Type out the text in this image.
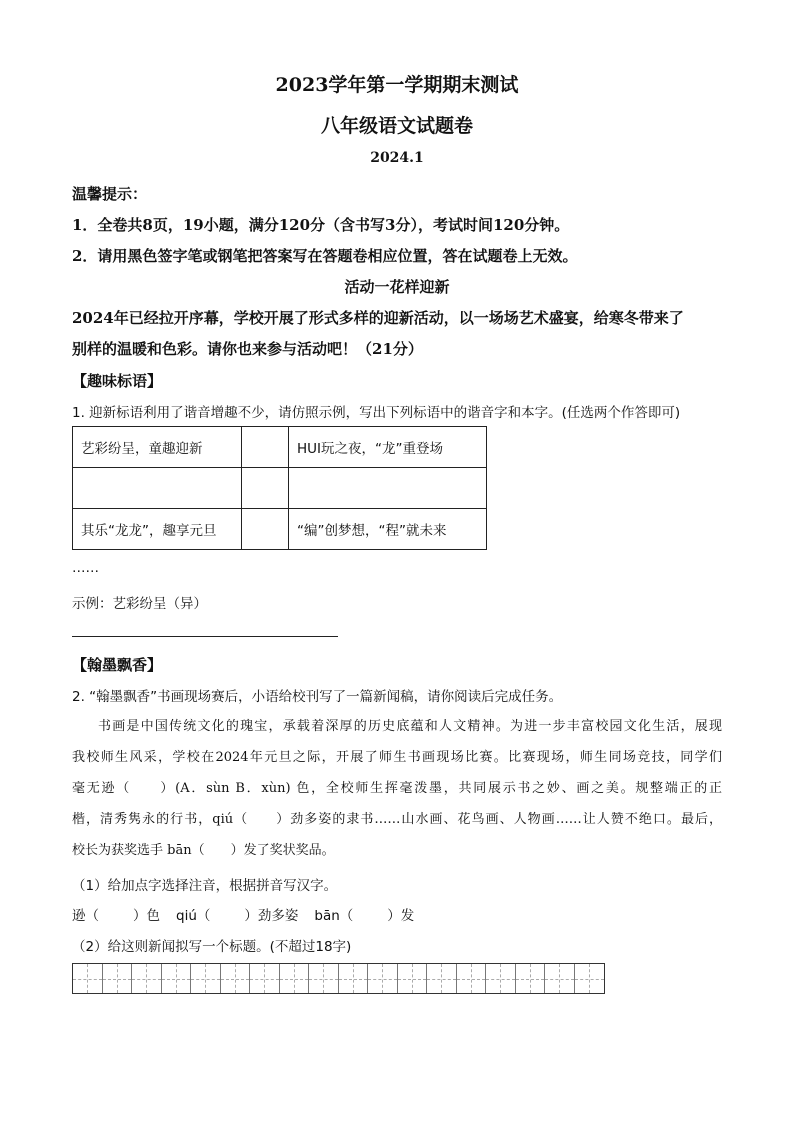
2023学年第一学期期末测试
八年级语文试题卷
2024.1
温馨提示：
1．全卷共8页，19小题，满分120分（含书写3分），考试时间120分钟。
2．请用黑色签字笔或钢笔把答案写在答题卷相应位置，答在试题卷上无效。
活动一花样迎新
2024年已经拉开序幕，学校开展了形式多样的迎新活动，以一场场艺术盛宴，给寒冬带来了
别样的温暖和色彩。请你也来参与活动吧！（21分）
【趣味标语】
1. 迎新标语利用了谐音增趣不少，请仿照示例，写出下列标语中的谐音字和本字。(任选两个作答即可)
艺彩纷呈，童趣迎新		HUI玩之夜，“龙”重登场

其乐“龙龙”，趣享元旦		“编”创梦想，“程”就未来
……
示例：艺彩纷呈（异）
【翰墨飘香】
2. “翰墨飘香”书画现场赛后，小语给校刊写了一篇新闻稿，请你阅读后完成任务。

书画是中国传统文化的瑰宝，承载着深厚的历史底蕴和人文精神。为进一步丰富校园文化生活，展现

我校师生风采，学校在2024年元旦之际，开展了师生书画现场比赛。比赛现场，师生同场竞技，同学们

毫无逊（　　）(A．sùn B．xùn) 色，全校师生挥毫泼墨，共同展示书之妙、画之美。规整端正的正

楷，清秀隽永的行书，qiú（　　）劲多姿的隶书……山水画、花鸟画、人物画……让人赞不绝口。最后，

校长为获奖选手 bān（　　）发了奖状奖品。

（1）给加点字选择注音，根据拼音写汉字。
逊（	）色 qiú（	）劲多姿 bān（	）发
（2）给这则新闻拟写一个标题。(不超过18字)
